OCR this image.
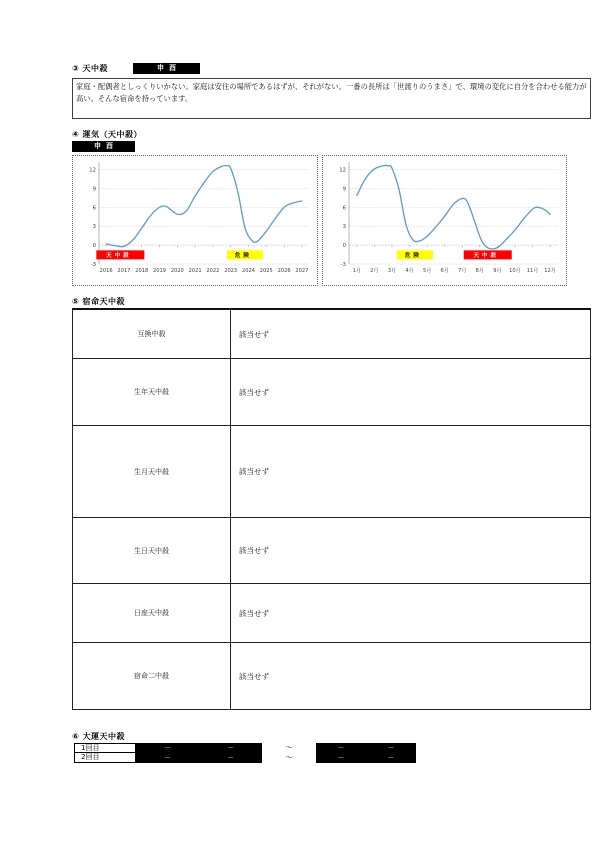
③ 天中殺	申酉
家庭・配偶者としっくりいかない。家庭は安住の場所であるはずが、それがない。一番の長所は「世渡りのうまさ」で、環境の変化に自分を合わせる能力が高い。そんな宿命を持っています。
④ 運気（天中殺）
申酉
-3
0
3
6
9
12
2016 2017 2018 2019 2020 2021 2022 2023 2024 2025 2026 2027
天中殺	危険
-3
0
3
6
9
12
1月 2月 3月 4月 5月 6月 7月 8月 9月 10月 11月 12月
危険	天中殺
⑤ 宿命天中殺
互換中殺	該当せず
生年天中殺	該当せず
生月天中殺	該当せず
生日天中殺	該当せず
日座天中殺	該当せず
宿命二中殺	該当せず
⑥ 大運天中殺
1回目	－	－	～	－	－
2回目	－	－	～	－	－
